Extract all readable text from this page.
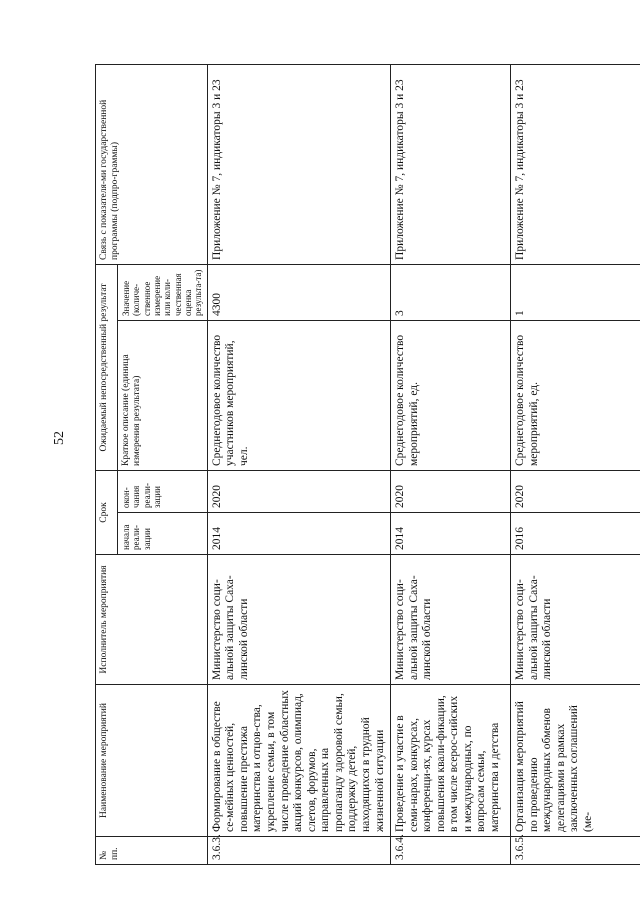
52
№ пп.	Наименование мероприятий	Исполнитель мероприятия	Срок		Ожидаемый непосредственный результат		Связь с показателя-ми государственной программы (подпро-граммы)
			начала реали-зации	окон-чания реали-зации	Краткое описание (единица измерения результата)	Значение (количе-ственное измерение или коли-чественная оценка результа-та)	
3.6.3.	Формирование в обществе се-мейных ценностей, повышение престижа материнства и отцов-ства, укрепление семьи, в том числе проведение областных акций конкурсов, олимпиад, слетов, форумов, направленных на пропаганду здоровой семьи, поддержку детей, находящихся в трудной жизненной ситуации	Министерство соци-альной защиты Саха-линской области	2014	2020	Среднегодовое количество участников мероприятий, чел.	4300	Приложение № 7, индикаторы 3 и 23
3.6.4.	Проведение и участие в семи-нарах, конкурсах, конференци-ях, курсах повышения квали-фикации, в том числе всерос-сийских и международных, по вопросам семьи, материнства и детства	Министерство соци-альной защиты Саха-линской области	2014	2020	Среднегодовое количество мероприятий, ед.	3	Приложение № 7, индикаторы 3 и 23
3.6.5.	Организация мероприятий по проведению международных обменов делегациями в рамках заключенных соглашений (ме-	Министерство соци-альной защиты Саха-линской области	2016	2020	Среднегодовое количество мероприятий, ед.	1	Приложение № 7, индикаторы 3 и 23
